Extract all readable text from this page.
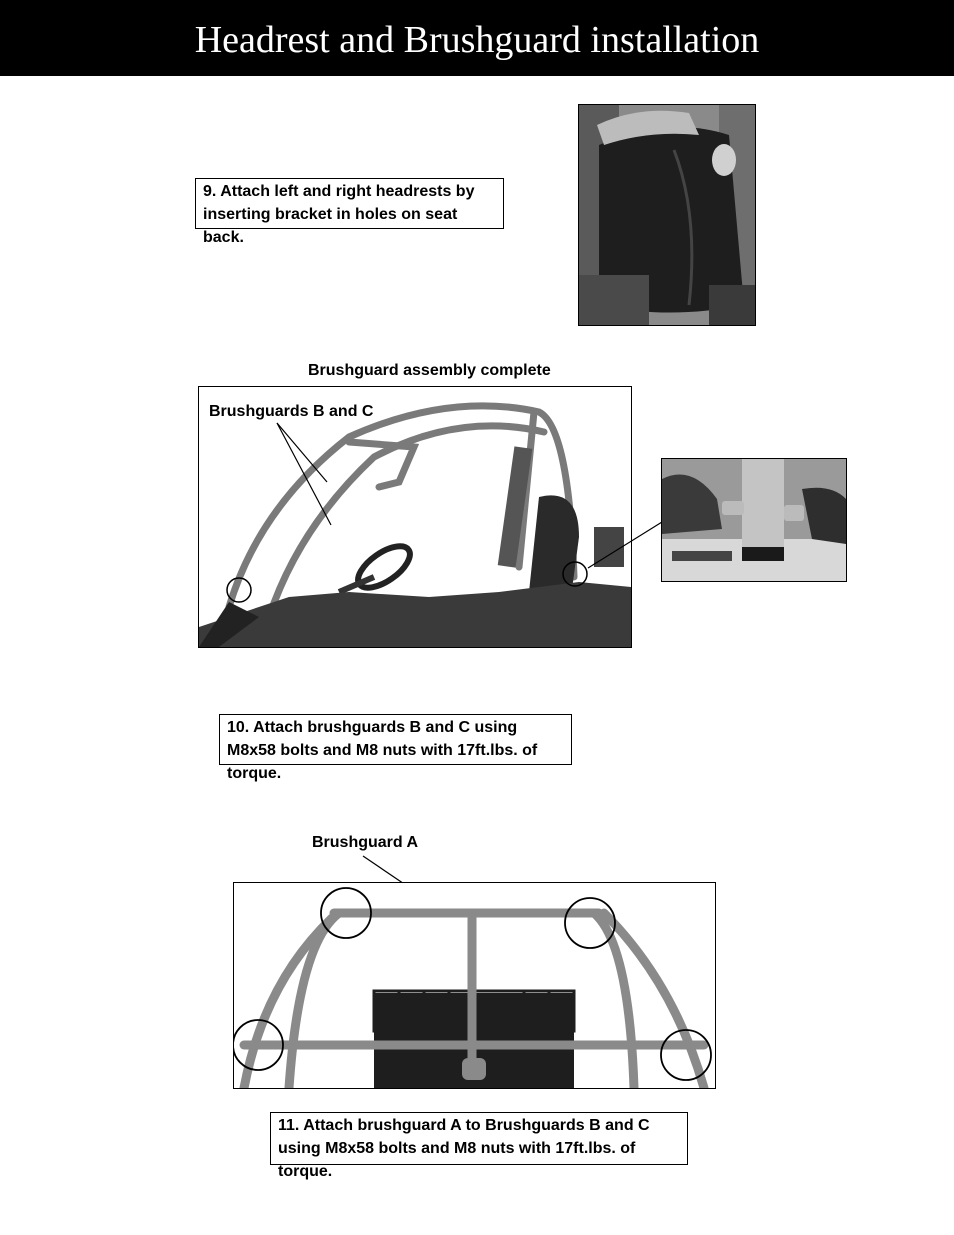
Headrest and Brushguard installation
9. Attach left and right headrests by inserting bracket in holes on seat back.
Brushguard assembly complete
Brushguards B and C
10. Attach brushguards B and C using M8x58 bolts and M8 nuts with 17ft.lbs. of torque.
Brushguard A
11. Attach brushguard A to Brushguards B and C using M8x58 bolts and M8 nuts with 17ft.lbs. of torque.
